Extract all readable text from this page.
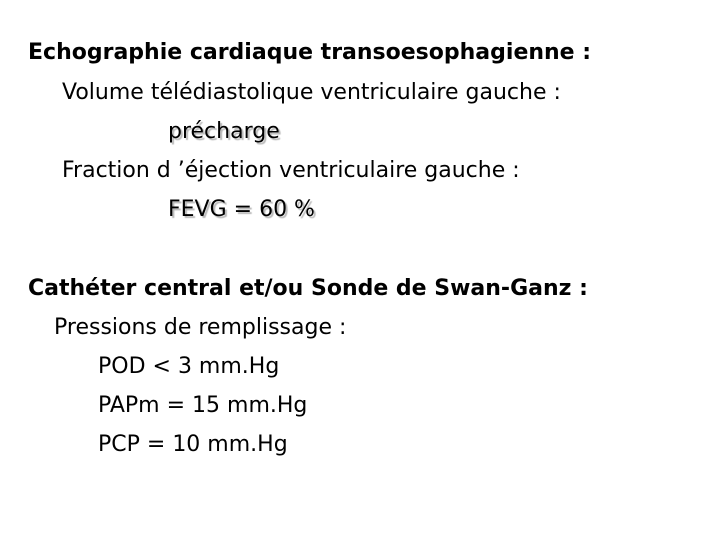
Echographie cardiaque transoesophagienne :
Volume télédiastolique ventriculaire gauche :
précharge
Fraction d ’éjection ventriculaire gauche :
FEVG = 60 %
Cathéter central et/ou Sonde de Swan-Ganz :
Pressions de remplissage :
POD < 3 mm.Hg
PAPm = 15 mm.Hg
PCP = 10 mm.Hg
